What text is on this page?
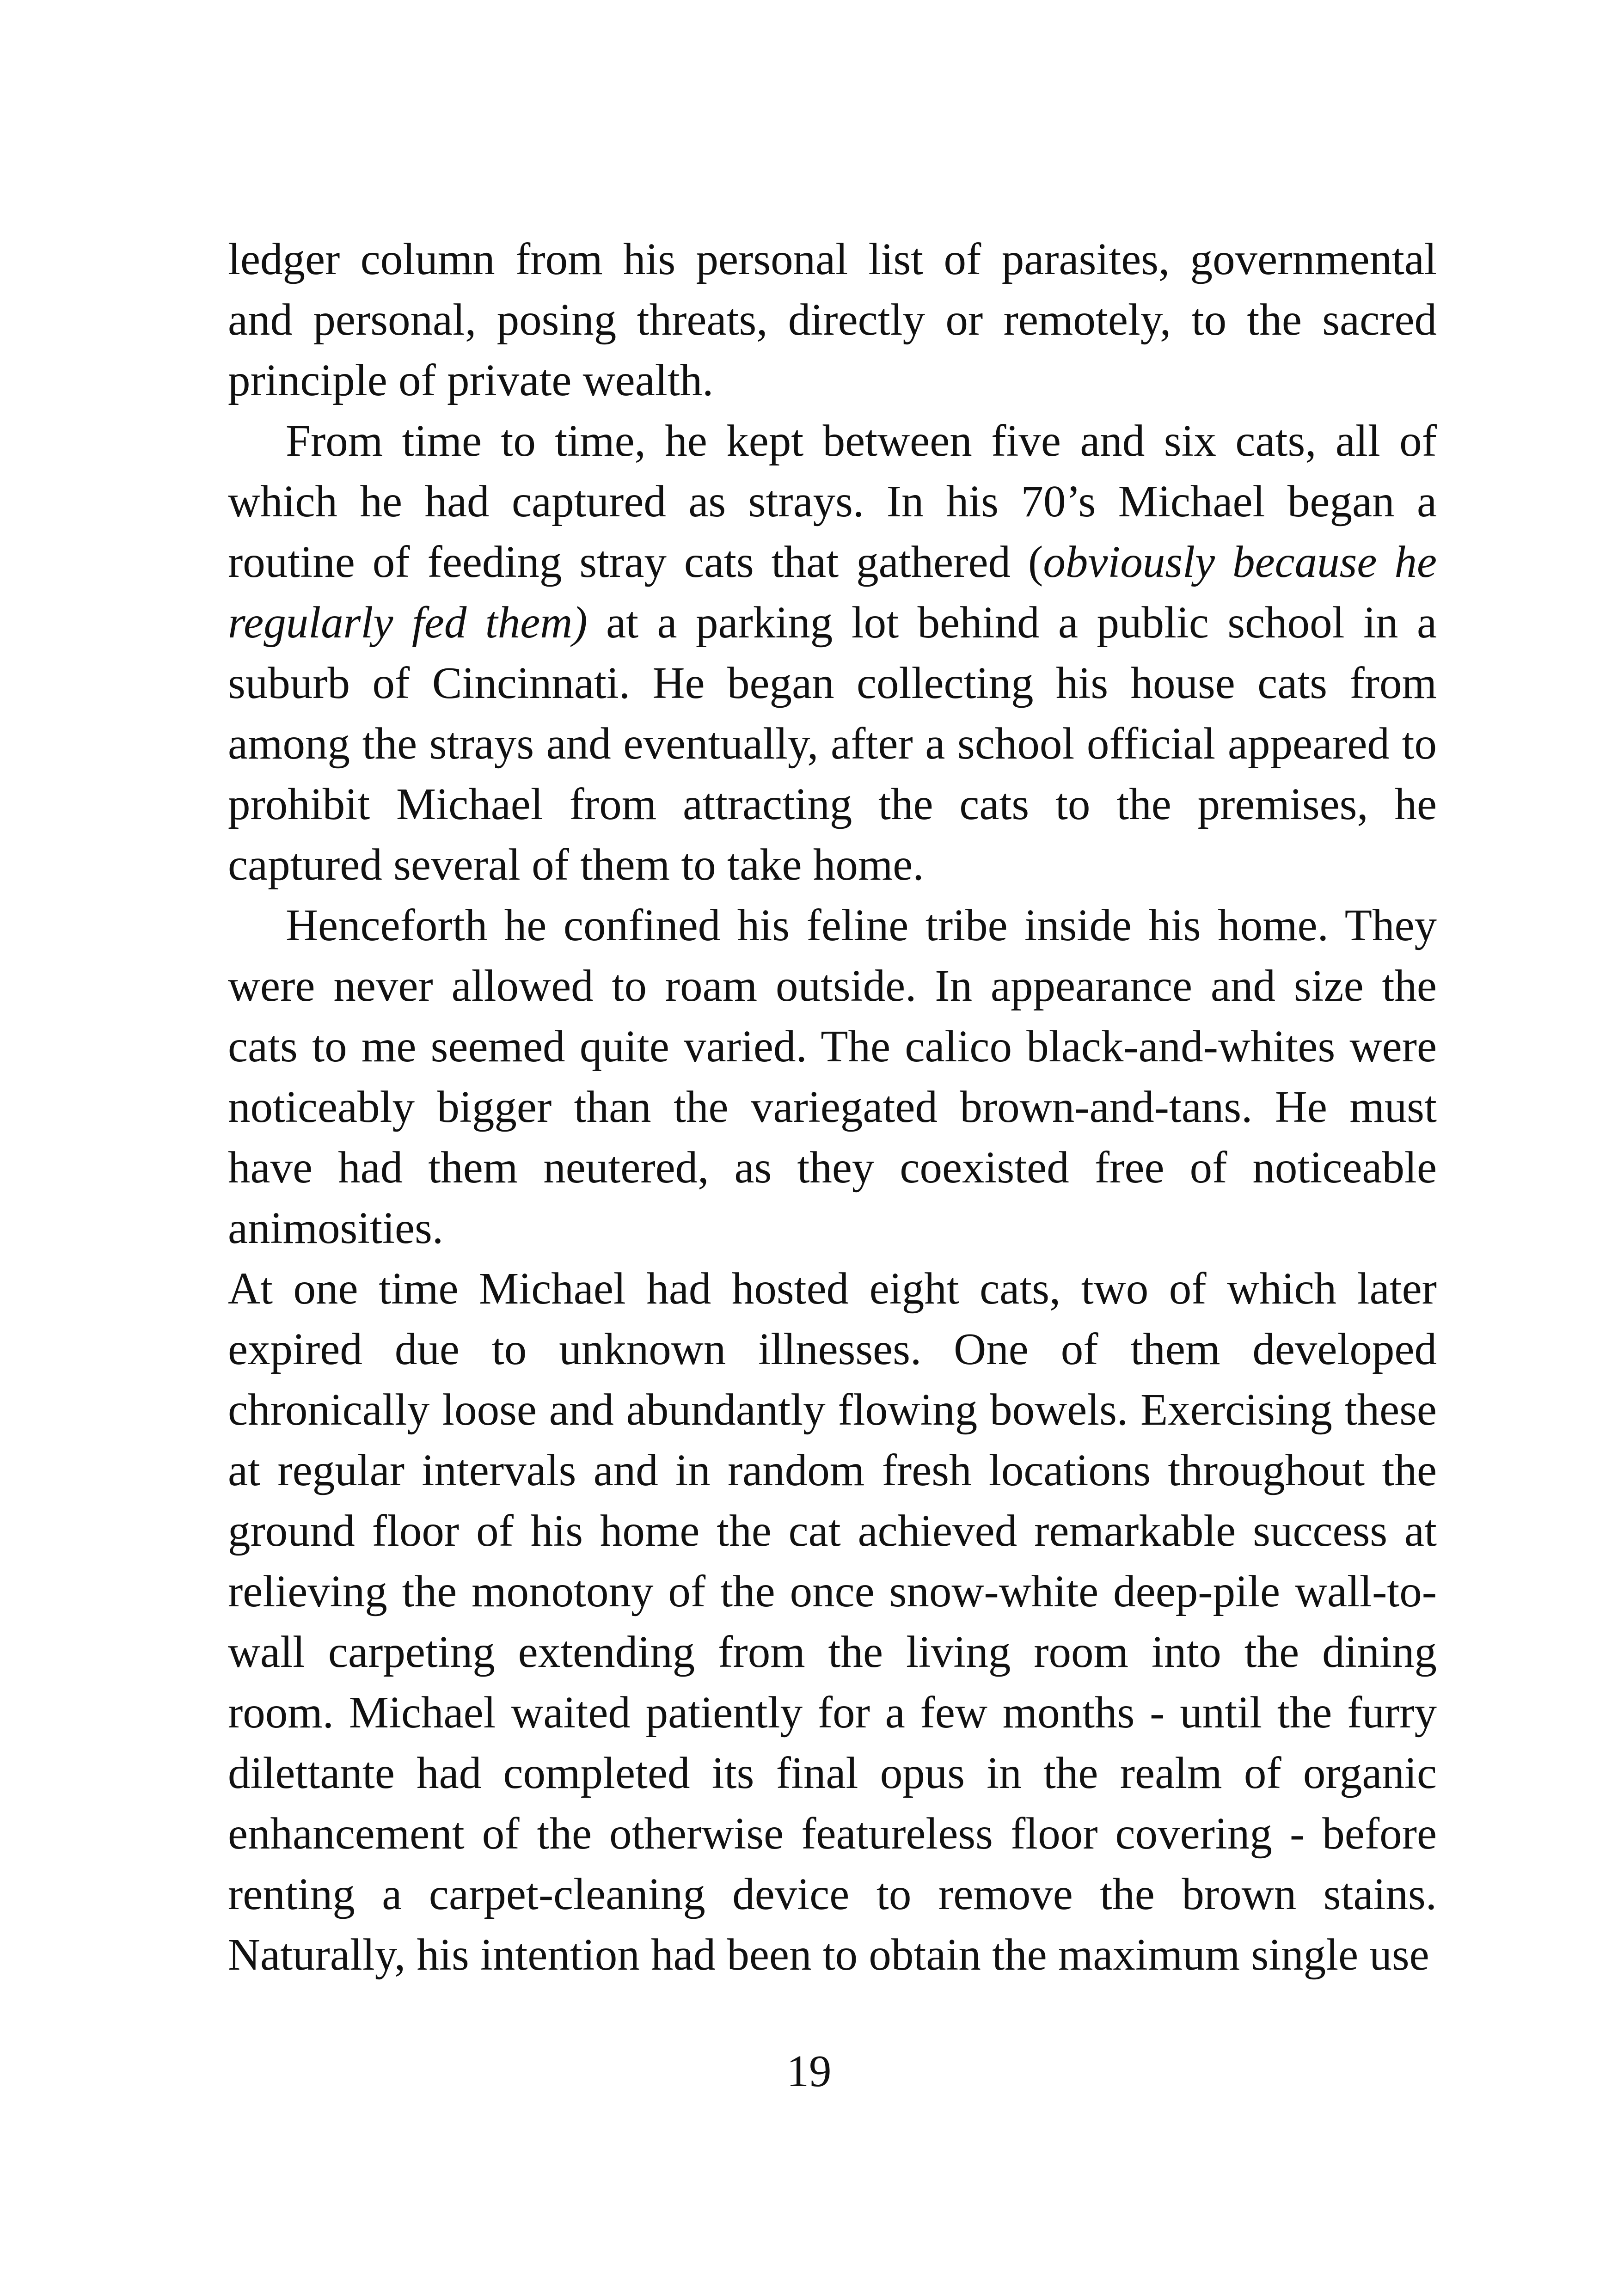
ledger column from his personal list of parasites, governmental and personal, posing threats, directly or remotely, to the sacred principle of private wealth.

From time to time, he kept between five and six cats, all of which he had captured as strays. In his 70’s Michael began a routine of feeding stray cats that gathered (obviously because he regularly fed them) at a parking lot behind a public school in a suburb of Cincinnati. He began collecting his house cats from among the strays and eventually, after a school official appeared to prohibit Michael from attracting the cats to the premises, he captured several of them to take home.

Henceforth he confined his feline tribe inside his home. They were never allowed to roam outside. In appearance and size the cats to me seemed quite varied. The calico black-and-whites were noticeably bigger than the variegated brown-and-tans. He must have had them neutered, as they coexisted free of noticeable animosities.

At one time Michael had hosted eight cats, two of which later expired due to unknown illnesses. One of them developed chronically loose and abundantly flowing bowels. Exercising these at regular intervals and in random fresh locations throughout the ground floor of his home the cat achieved remarkable success at relieving the monotony of the once snow-white deep-pile wall-to-wall carpeting extending from the living room into the dining room. Michael waited patiently for a few months - until the furry dilettante had completed its final opus in the realm of organic enhancement of the otherwise featureless floor covering - before renting a carpet-cleaning device to remove the brown stains. Naturally, his intention had been to obtain the maximum single use

19
